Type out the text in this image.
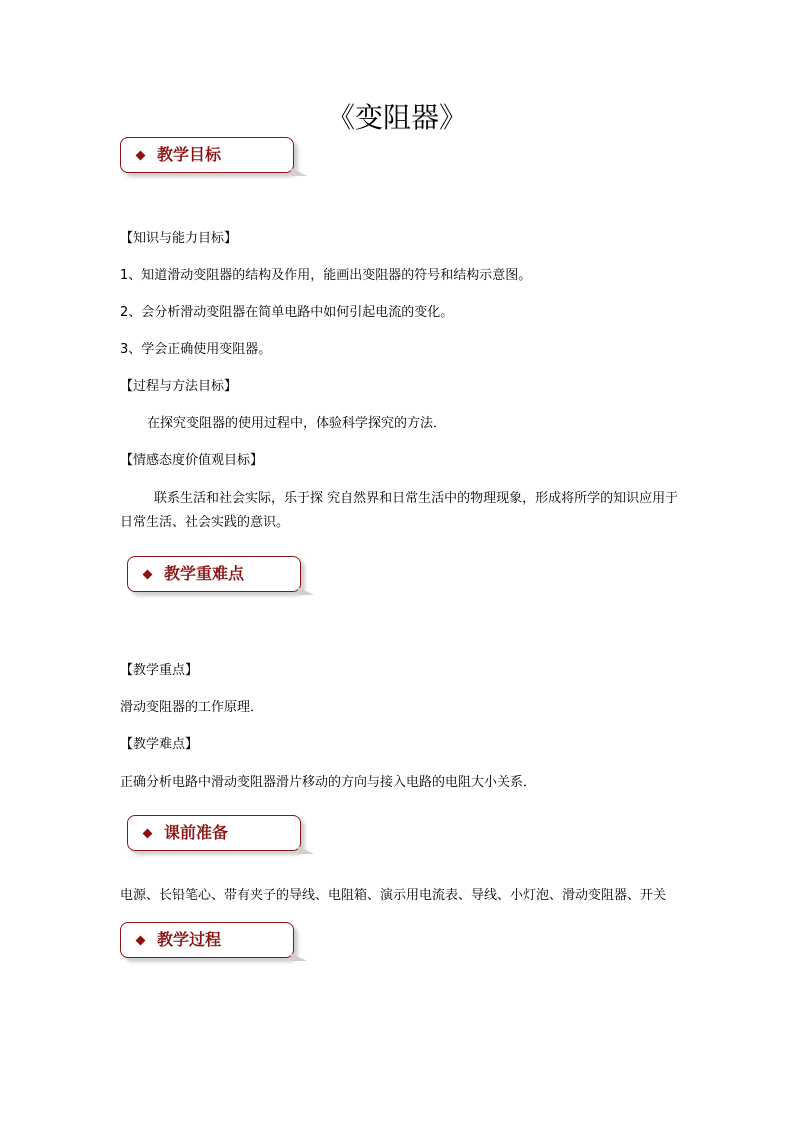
《变阻器》
教学目标
【知识与能力目标】
1、知道滑动变阻器的结构及作用，能画出变阻器的符号和结构示意图。
2、会分析滑动变阻器在简单电路中如何引起电流的变化。
3、学会正确使用变阻器。
【过程与方法目标】
在探究变阻器的使用过程中，体验科学探究的方法．
【情感态度价值观目标】
联系生活和社会实际，乐于探 究自然界和日常生活中的物理现象，形成将所学的知识应用于日常生活、社会实践的意识。
教学重难点
【教学重点】
滑动变阻器的工作原理．
【教学难点】
正确分析电路中滑动变阻器滑片移动的方向与接入电路的电阻大小关系．
课前准备
电源、长铅笔心、带有夹子的导线、电阻箱、演示用电流表、导线、小灯泡、滑动变阻器、开关
教学过程
